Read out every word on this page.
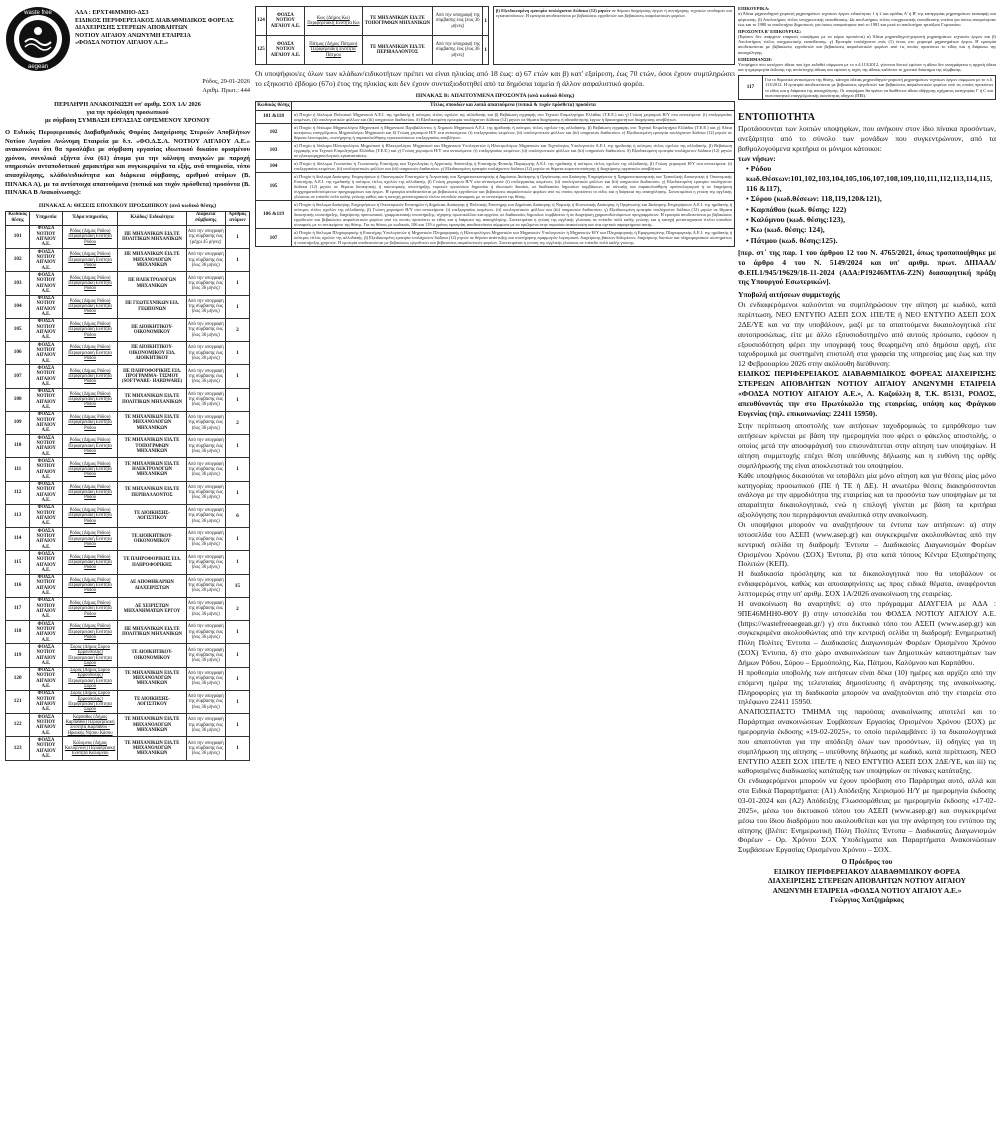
waste free
aegean
ΑΔΑ : ΕΡΧΤ46ΜΜΗΟ-ΔΣ3
ΕΙΔΙΚΟΣ ΠΕΡΙΦΕΡΕΙΑΚΟΣ ΔΙΑΒΑΘΜΙΔΙΚΟΣ ΦΟΡΕΑΣ
ΔΙΑΧΕΙΡΙΣΗΣ ΣΤΕΡΕΩΝ ΑΠΟΒΛΗΤΩΝ
ΝΟΤΙΟΥ ΑΙΓΑΙΟΥ ΑΝΩΝΥΜΗ ΕΤΑΙΡΕΙΑ
«ΦΟΔΣΑ ΝΟΤΙΟΥ ΑΙΓΑΙΟΥ Α.Ε.»
Ρόδος, 29-01-2026
Αριθμ. Πρωτ.: 444
ΠΕΡΙΛΗΨΗ ΑΝΑΚΟΙΝΩΣΗ υπ' αριθμ. ΣΟΧ 1Α/ 2026
για την πρόσληψη προσωπικού
με σύμβαση ΣΥΜΒΑΣΗ ΕΡΓΑΣΙΑΣ ΟΡΙΣΜΕΝΟΥ ΧΡΟΝΟΥ
Ο Ειδικός Περιφερειακός Διαβαθμιδικός Φορέας Διαχείρισης Στερεών Αποβλήτων Νοτίου Αιγαίου Ανώνυμη Εταιρεία με δ.τ. «ΦΟ.Δ.Σ.Α. ΝΟΤΙΟΥ ΑΙΓΑΙΟΥ Α.Ε.» ανακοινώνει ότι θα προσλάβει με σύμβαση εργασίας ιδιωτικού δικαίου ορισμένου χρόνου, συνολικά εξήντα ένα (61) άτομα για την κάλυψη αναγκών με παροχή υπηρεσιών ανταποδοτικού χαρακτήρα και συγκεκριμένα τα εξής, ανά υπηρεσία, τόπο απασχόλησης, κλάδο/ειδικότητα και διάρκεια σύμβασης, αριθμού ατόμων (Β. ΠΙΝΑΚΑ Α), με τα αντίστοιχα απαιτούμενα (τυπικά και τυχόν πρόσθετα) προσόντα (Β. ΠΙΝΑΚΑ Β Ανακοίνωσης):
ΠΙΝΑΚΑΣ Α: ΘΕΣΕΙΣ ΕΠΟΧΙΚΟΥ ΠΡΟΣΩΠΙΚΟΥ (ανά κωδικό θέσης)
Κωδικός θέσης	Υπηρεσία	Έδρα υπηρεσίας	Κλάδος/ Ειδικότητα	Διάρκεια σύμβασης	Αριθμός ατόμων
101	ΦΟΔΣΑ ΝΟΤΙΟΥ ΑΙΓΑΙΟΥ Α.Ε.	Ρόδος (Δήμος Ρόδου) Περιφερειακή Ενότητα Ρόδου	ΠΕ ΜΗΧΑΝΙΚΩΝ ΕΙΔ.ΤΕ ΠΟΛΙΤΙΚΩΝ ΜΗΧΑΝΙΚΩΝ	Από την υπογραφή της σύμβασης έως (μέχρι 45 μήνες)	1
102	ΦΟΔΣΑ ΝΟΤΙΟΥ ΑΙΓΑΙΟΥ Α.Ε.	Ρόδος (Δήμος Ρόδου) Περιφερειακή Ενότητα Ρόδου	ΠΕ ΜΗΧΑΝΙΚΩΝ ΕΙΔ.ΤΕ ΜΗΧΑΝΟΛΟΓΩΝ ΜΗΧΑΝΙΚΩΝ	Από την υπογραφή της σύμβασης έως (έως 36 μήνες)	1
103	ΦΟΔΣΑ ΝΟΤΙΟΥ ΑΙΓΑΙΟΥ Α.Ε.	Ρόδος (Δήμος Ρόδου) Περιφερειακή Ενότητα Ρόδου	ΠΕ ΗΛΕΚΤΡΟΛΟΓΩΝ ΜΗΧΑΝΙΚΩΝ	Από την υπογραφή της σύμβασης έως (έως 36 μήνες)	1
104	ΦΟΔΣΑ ΝΟΤΙΟΥ ΑΙΓΑΙΟΥ Α.Ε.	Ρόδος (Δήμος Ρόδου) Περιφερειακή Ενότητα Ρόδου	ΠΕ ΓΕΩΤΕΧΝΙΚΩΝ ΕΙΔ. ΓΕΩΠΟΝΩΝ	Από την υπογραφή της σύμβασης έως (έως 36 μήνες)	1
105	ΦΟΔΣΑ ΝΟΤΙΟΥ ΑΙΓΑΙΟΥ Α.Ε.	Ρόδος (Δήμος Ρόδου) Περιφερειακή Ενότητα Ρόδου	ΠΕ ΔΙΟΙΚΗΤΙΚΟΥ- ΟΙΚΟΝΟΜΙΚΟΥ	Από την υπογραφή της σύμβασης έως (έως 36 μήνες)	2
106	ΦΟΔΣΑ ΝΟΤΙΟΥ ΑΙΓΑΙΟΥ Α.Ε.	Ρόδος (Δήμος Ρόδου) Περιφερειακή Ενότητα Ρόδου	ΠΕ ΔΙΟΙΚΗΤΙΚΟΥ- ΟΙΚΟΝΟΜΙΚΟΥ ΕΙΔ. ΔΙΟΙΚΗΤΙΚΟΥ	Από την υπογραφή της σύμβασης έως (έως 36 μήνες)	1
107	ΦΟΔΣΑ ΝΟΤΙΟΥ ΑΙΓΑΙΟΥ Α.Ε.	Ρόδος (Δήμος Ρόδου) Περιφερειακή Ενότητα Ρόδου	ΠΕ ΠΛΗΡΟΦΟΡΙΚΗΣ ΕΙΔ. ΠΡΟΓΡΑΜΜΑ- ΤΙΣΜΟΥ (SOFTWARE- HARDWARE)	Από την υπογραφή της σύμβασης έως (έως 36 μήνες)	1
108	ΦΟΔΣΑ ΝΟΤΙΟΥ ΑΙΓΑΙΟΥ Α.Ε.	Ρόδος (Δήμος Ρόδου) Περιφερειακή Ενότητα Ρόδου	ΤΕ ΜΗΧΑΝΙΚΩΝ ΕΙΔ.ΤΕ ΠΟΛΙΤΙΚΩΝ ΜΗΧΑΝΙΚΩΝ	Από την υπογραφή της σύμβασης έως (έως 36 μήνες)	1
109	ΦΟΔΣΑ ΝΟΤΙΟΥ ΑΙΓΑΙΟΥ Α.Ε.	Ρόδος (Δήμος Ρόδου) Περιφερειακή Ενότητα Ρόδου	ΤΕ ΜΗΧΑΝΙΚΩΝ ΕΙΔ.ΤΕ ΜΗΧΑΝΟΛΟΓΩΝ ΜΗΧΑΝΙΚΩΝ	Από την υπογραφή της σύμβασης έως (έως 36 μήνες)	2
110	ΦΟΔΣΑ ΝΟΤΙΟΥ ΑΙΓΑΙΟΥ Α.Ε.	Ρόδος (Δήμος Ρόδου) Περιφερειακή Ενότητα Ρόδου	ΤΕ ΜΗΧΑΝΙΚΩΝ ΕΙΔ.ΤΕ ΤΟΠΟΓΡΑΦΩΝ ΜΗΧΑΝΙΚΩΝ	Από την υπογραφή της σύμβασης έως (έως 36 μήνες)	1
111	ΦΟΔΣΑ ΝΟΤΙΟΥ ΑΙΓΑΙΟΥ Α.Ε.	Ρόδος (Δήμος Ρόδου) Περιφερειακή Ενότητα Ρόδου	ΤΕ ΜΗΧΑΝΙΚΩΝ ΕΙΔ.ΤΕ ΗΛΕΚΤΡΟΛΟΓΩΝ ΜΗΧΑΝΙΚΩΝ	Από την υπογραφή της σύμβασης έως (έως 36 μήνες)	1
112	ΦΟΔΣΑ ΝΟΤΙΟΥ ΑΙΓΑΙΟΥ Α.Ε.	Ρόδος (Δήμος Ρόδου) Περιφερειακή Ενότητα Ρόδου	ΤΕ ΜΗΧΑΝΙΚΩΝ ΕΙΔ.ΤΕ ΠΕΡΙΒΑΛΛΟΝΤΟΣ	Από την υπογραφή της σύμβασης έως (έως 36 μήνες)	1
113	ΦΟΔΣΑ ΝΟΤΙΟΥ ΑΙΓΑΙΟΥ Α.Ε.	Ρόδος (Δήμος Ρόδου) Περιφερειακή Ενότητα Ρόδου	ΤΕ ΔΙΟΙΚΗΣΗΣ- ΛΟΓΙΣΤΙΚΟΥ	Από την υπογραφή της σύμβασης έως (έως 36 μήνες)	6
114	ΦΟΔΣΑ ΝΟΤΙΟΥ ΑΙΓΑΙΟΥ Α.Ε.	Ρόδος (Δήμος Ρόδου) Περιφερειακή Ενότητα Ρόδου	ΤΕ ΔΙΟΙΚΗΤΙΚΟΥ- ΟΙΚΟΝΟΜΙΚΟΥ	Από την υπογραφή της σύμβασης έως (έως 36 μήνες)	1
115	ΦΟΔΣΑ ΝΟΤΙΟΥ ΑΙΓΑΙΟΥ Α.Ε.	Ρόδος (Δήμος Ρόδου) Περιφερειακή Ενότητα Ρόδου	ΤΕ ΠΛΗΡΟΦΟΡΙΚΗΣ ΕΙΔ. ΠΛΗΡΟΦΟΡΙΚΗΣ	Από την υπογραφή της σύμβασης έως (έως 36 μήνες)	1
116	ΦΟΔΣΑ ΝΟΤΙΟΥ ΑΙΓΑΙΟΥ Α.Ε.	Ρόδος (Δήμος Ρόδου) Περιφερειακή Ενότητα Ρόδου	ΔΕ ΑΠΟΘΗΚΑΡΙΩΝ ΔΙΑΧΕΙΡΙΣΤΩΝ	Από την υπογραφή της σύμβασης έως (έως 36 μήνες)	15
117	ΦΟΔΣΑ ΝΟΤΙΟΥ ΑΙΓΑΙΟΥ Α.Ε.	Ρόδος (Δήμος Ρόδου) Περιφερειακή Ενότητα Ρόδου	ΔΕ ΧΕΙΡΙΣΤΩΝ ΜΗΧΑΝΗΜΑΤΩΝ ΕΡΓΟΥ	Από την υπογραφή της σύμβασης έως (έως 36 μήνες)	2
118	ΦΟΔΣΑ ΝΟΤΙΟΥ ΑΙΓΑΙΟΥ Α.Ε.	Ρόδος (Δήμος Ρόδου) Περιφερειακή Ενότητα Ρόδου	ΠΕ ΜΗΧΑΝΙΚΩΝ ΕΙΔ.ΤΕ ΠΟΛΙΤΙΚΩΝ ΜΗΧΑΝΙΚΩΝ	Από την υπογραφή της σύμβασης έως (έως 36 μήνες)	1
119	ΦΟΔΣΑ ΝΟΤΙΟΥ ΑΙΓΑΙΟΥ Α.Ε.	Σύρος (Δήμος Σύρου Ερμούπολης) Περιφερειακή Ενότητα Σύρου	ΤΕ ΔΙΟΙΚΗΤΙΚΟΥ- ΟΙΚΟΝΟΜΙΚΟΥ	Από την υπογραφή της σύμβασης έως (έως 36 μήνες)	1
120	ΦΟΔΣΑ ΝΟΤΙΟΥ ΑΙΓΑΙΟΥ Α.Ε.	Σύρος (Δήμος Σύρου Ερμούπολης) Περιφερειακή Ενότητα Σύρου	ΤΕ ΜΗΧΑΝΙΚΩΝ ΕΙΔ.ΤΕ ΜΗΧΑΝΟΛΟΓΩΝ ΜΗΧΑΝΙΚΩΝ	Από την υπογραφή της σύμβασης έως (έως 36 μήνες)	1
121	ΦΟΔΣΑ ΝΟΤΙΟΥ ΑΙΓΑΙΟΥ Α.Ε.	Σύρος (Δήμος Σύρου Ερμούπολης) Περιφερειακή Ενότητα Σύρου	ΤΕ ΔΙΟΙΚΗΣΗΣ- ΛΟΓΙΣΤΙΚΟΥ	Από την υπογραφή της σύμβασης έως (έως 36 μήνες)	1
122	ΦΟΔΣΑ ΝΟΤΙΟΥ ΑΙΓΑΙΟΥ Α.Ε.	Κάρπαθος (Δήμος Καρπάθου) Περιφερειακή Ενότητα Καρπάθου - Ηρωικής Νήσου Κάσου	ΤΕ ΜΗΧΑΝΙΚΩΝ ΕΙΔ.ΤΕ ΜΗΧΑΝΟΛΟΓΩΝ ΜΗΧΑΝΙΚΩΝ	Από την υπογραφή της σύμβασης έως (έως 36 μήνες)	1
123	ΦΟΔΣΑ ΝΟΤΙΟΥ ΑΙΓΑΙΟΥ Α.Ε.	Κάλυμνος (Δήμος Καλυμνίων) Περιφερειακή Ενότητα Καλύμνου	ΤΕ ΜΗΧΑΝΙΚΩΝ ΕΙΔ.ΤΕ ΜΗΧΑΝΟΛΟΓΩΝ ΜΗΧΑΝΙΚΩΝ	Από την υπογραφή της σύμβασης έως (έως 36 μήνες)	1
124	ΦΟΔΣΑ ΝΟΤΙΟΥ ΑΙΓΑΙΟΥ Α.Ε.	Κως (Δήμος Κω) Περιφερειακή Ενότητα Κω	ΤΕ ΜΗΧΑΝΙΚΩΝ ΕΙΔ.ΤΕ ΤΟΠΟΓΡΑΦΩΝ ΜΗΧΑΝΙΚΩΝ	Από την υπογραφή της σύμβασης έως (έως 36 μήνες)	1
125	ΦΟΔΣΑ ΝΟΤΙΟΥ ΑΙΓΑΙΟΥ Α.Ε.	Πάτμος (Δήμος Πάτμου) Περιφερειακή Ενότητα Πάτμου	ΤΕ ΜΗΧΑΝΙΚΩΝ ΕΙΔ.ΤΕ ΠΕΡΙΒΑΛΛΟΝΤΟΣ	Από την υπογραφή της σύμβασης έως (έως 36 μήνες)	1
β) Εξειδικευμένη εμπειρία τουλάχιστον δώδεκα (12) μηνών σε θέματα διαχείρισης έργων ή συντήρησης τεχνικών υποδομών και εγκαταστάσεων. Η εμπειρία αποδεικνύεται με βεβαιώσεις εργοδοτών και βεβαιώσεις ασφαλιστικών φορέων.

Οι υποψήφιοι/ες όλων των κλάδων/ειδικοτήτων πρέπει να είναι ηλικίας από 18 έως: α) 67 ετών και β) κατ' εξαίρεση, έως 70 ετών, όσοι έχουν συμπληρώσει το εξηκοστό έβδομο (67ο) έτος της ηλικίας και δεν έχουν συνταξιοδοτηθεί από τα δημόσια ταμεία ή άλλον ασφαλιστικό φορέα.

ΠΙΝΑΚΑΣ Β: ΑΠΑΙΤΟΥΜΕΝΑ ΠΡΟΣΟΝΤΑ (ανά κωδικό θέσης)
Κωδικός θέσης	Τίτλος σπουδών και λοιπά απαιτούμενα (τυπικά & τυχόν πρόσθετα) προσόντα
101 &118	α) Πτυχίο ή δίπλωμα Πολιτικού Μηχανικού Α.Ε.Ι. της ημεδαπής ή ισότιμος τίτλος σχολών της αλλοδαπής και β) Βεβαίωση εγγραφής στο Τεχνικό Επιμελητήριο Ελλάδας (Τ.Ε.Ε.) και γ) Γνώση χειρισμού Η/Υ στα αντικείμενα: (i) επεξεργασίας κειμένων, (ii) υπολογιστικών φύλλων και (iii) υπηρεσιών διαδικτύου. δ) Εξειδικευμένη εμπειρία τουλάχιστον δώδεκα (12) μηνών σε θέματα διαχείρισης ή αδειοδότησης έργων ή δραστηριοτήτων διαχείρισης αποβλήτων.
102	α) Πτυχίο ή δίπλωμα Μηχανολόγου Μηχανικού ή Μηχανικού Περιβάλλοντος ή Χημικού Μηχανικού Α.Ε.Ι. της ημεδαπής ή ισότιμος τίτλος σχολών της αλλοδαπής. β) Βεβαίωση εγγραφής στο Τεχνικό Επιμελητήριο Ελλάδας (Τ.Ε.Ε.) και γ) Άδεια ασκήσεως επαγγέλματος Μηχανολόγου Μηχανικού και δ) Γνώση χειρισμού Η/Υ στα αντικείμενα: (i) επεξεργασίας κειμένων, (ii) υπολογιστικών φύλλων και (iii) υπηρεσιών διαδικτύου. ε) Εξειδικευμένη εμπειρία τουλάχιστον δώδεκα (12) μηνών σε θέματα λειτουργίας, συντήρησης ή παρακολούθησης εγκαταστάσεων επεξεργασίας αποβλήτων.
103	α) Πτυχίο ή δίπλωμα Ηλεκτρολόγου Μηχανικού ή Ηλεκτρολόγου Μηχανικού και Μηχανικού Υπολογιστών ή Ηλεκτρολόγων Μηχανικών και Τεχνολογίας Υπολογιστών Α.Ε.Ι. της ημεδαπής ή ισότιμος τίτλος σχολών της αλλοδαπής. β) Βεβαίωση εγγραφής στο Τεχνικό Επιμελητήριο Ελλάδας (Τ.Ε.Ε.) και γ) Γνώση χειρισμού Η/Υ στα αντικείμενα: (i) επεξεργασίας κειμένων, (ii) υπολογιστικών φύλλων και (iii) υπηρεσιών διαδικτύου. δ) Εξειδικευμένη εμπειρία τουλάχιστον δώδεκα (12) μηνών σε ηλεκτρομηχανολογικές εγκαταστάσεις.
104	α) Πτυχίο ή δίπλωμα Γεωπονίας ή Γεωπονικής Επιστήμης και Τεχνολογίας ή Αγροτικής Ανάπτυξης ή Επιστήμης Φυτικής Παραγωγής Α.Ε.Ι. της ημεδαπής ή ισότιμος τίτλος σχολών της αλλοδαπής. β) Γνώση χειρισμού Η/Υ στα αντικείμενα: (i) επεξεργασίας κειμένων, (ii) υπολογιστικών φύλλων και (iii) υπηρεσιών διαδικτύου. γ) Εξειδικευμένη εμπειρία τουλάχιστον δώδεκα (12) μηνών σε θέματα κομποστοποίησης ή διαχείρισης οργανικών αποβλήτων.
105	α) Πτυχίο ή δίπλωμα Διοίκησης Επιχειρήσεων ή Οικονομικών Επιστημών ή Λογιστικής και Χρηματοοικονομικής ή Δημόσιας Διοίκησης ή Οργάνωσης και Διοίκησης Επιχειρήσεων ή Χρηματοοικονομικής και Τραπεζικής Διοικητικής ή Οικονομικής Επιστήμης Α.Ε.Ι. της ημεδαπής ή ισότιμος τίτλος σχολών της αλλοδαπής. β) Γνώση χειρισμού Η/Υ στα αντικείμενα: (i) επεξεργασίας κειμένων, (ii) υπολογιστικών φύλλων και (iii) υπηρεσιών διαδικτύου. γ) Εξειδικευμένη εμπειρία τουλάχιστον δώδεκα (12) μηνών σε θέματα διοικητικής ή οικονομικής υποστήριξης νομικών προσώπων δημοσίου ή ιδιωτικού δικαίου, σε διαδικασίες δημοσίων συμβάσεων, σε σύνταξη και παρακολούθηση προϋπολογισμού ή σε διαχείριση συγχρηματοδοτούμενων προγραμμάτων και έργων. Η εμπειρία αποδεικνύεται με βεβαιώσεις εργοδοτών και βεβαιώσεις ασφαλιστικών φορέων από τις οποίες προκύπτει το είδος και η διάρκεια της απασχόλησης. Συνεκτιμάται η γνώση της αγγλικής γλώσσας σε επίπεδο πολύ καλής γνώσης καθώς και η κατοχή μεταπτυχιακού τίτλου σπουδών συναφούς με το αντικείμενο της θέσης.
106 &119	α) Πτυχίο ή δίπλωμα Διοίκησης Επιχειρήσεων ή Οικονομικών Επιστημών ή Δημόσιας Διοίκησης ή Πολιτικής Επιστήμης και Δημόσιας Διοίκησης ή Νομικής ή Κοινωνικής Διοίκησης ή Οργάνωσης και Διοίκησης Επιχειρήσεων Α.Ε.Ι. της ημεδαπής ή ισότιμος τίτλος σχολών της αλλοδαπής. β) Γνώση χειρισμού Η/Υ στα αντικείμενα: (i) επεξεργασίας κειμένων, (ii) υπολογιστικών φύλλων και (iii) υπηρεσιών διαδικτύου. γ) Εξειδικευμένη εμπειρία τουλάχιστον δώδεκα (12) μηνών σε θέματα διοικητικής υποστήριξης, διαχείρισης προσωπικού, γραμματειακής υποστήριξης, τήρησης πρωτοκόλλου και αρχείου, σε διαδικασίες δημοσίων συμβάσεων ή σε διαχείριση χρηματοδοτούμενων προγραμμάτων. Η εμπειρία αποδεικνύεται με βεβαιώσεις εργοδοτών και βεβαιώσεις ασφαλιστικών φορέων από τις οποίες προκύπτει το είδος και η διάρκεια της απασχόλησης. Συνεκτιμάται η γνώση της αγγλικής γλώσσας σε επίπεδο πολύ καλής γνώσης και η κατοχή μεταπτυχιακού τίτλου σπουδών συναφούς με το αντικείμενο της θέσης. Για τις θέσεις με κωδικούς 106 και 119 ο χρόνος εμπειρίας αποδεικνύεται σύμφωνα με τα οριζόμενα στην παρούσα ανακοίνωση και στα σχετικά παραρτήματα αυτής.
107	α) Πτυχίο ή δίπλωμα Πληροφορικής ή Επιστήμης Υπολογιστών ή Μηχανικών Πληροφορικής ή Ηλεκτρολόγων Μηχανικών και Μηχανικών Υπολογιστών ή Μηχανικών Η/Υ και Πληροφορικής ή Εφαρμοσμένης Πληροφορικής Α.Ε.Ι. της ημεδαπής ή ισότιμος τίτλος σχολών της αλλοδαπής. β) Εξειδικευμένη εμπειρία τουλάχιστον δώδεκα (12) μηνών σε θέματα ανάπτυξης και συντήρησης εφαρμογών λογισμικού, διαχείρισης βάσεων δεδομένων, διαχείρισης δικτύων και πληροφοριακών συστημάτων ή υποστήριξης χρηστών. Η εμπειρία αποδεικνύεται με βεβαιώσεις εργοδοτών και βεβαιώσεις ασφαλιστικών φορέων. Συνεκτιμάται η γνώση της αγγλικής γλώσσας σε επίπεδο πολύ καλής γνώσης.
ΕΠΙΚΟΥΡΙΚΑ:
α) Άδεια μηχανοδηγού-χειριστή μηχανημάτων τεχνικών έργων ειδικότητας 1 ή 2 και ομάδας Α' ή Β' της κατηγορίας μηχανημάτων εκσκαφής και φόρτωσης. β) Απολυτήριος τίτλος υποχρεωτικής εκπαίδευσης. Ως απολυτήριος τίτλος υποχρεωτικής εκπαίδευσης νοείται για όσους αποφοίτησαν έως και το 1980 το απολυτήριο Δημοτικού, για όσους αποφοίτησαν από το 1981 και μετά το απολυτήριο τριτάξιου Γυμνασίου.
ΠΡΟΣΟΝΤΑ Β' ΕΠΙΚΟΥΡΙΑΣ:
(Εφόσον δεν υπάρχουν επαρκείς υποψήφιοι με τα κύρια προσόντα) α) Άδεια μηχανοδηγού-χειριστή μηχανημάτων τεχνικών έργων και β) Απολυτήριος τίτλος υποχρεωτικής εκπαίδευσης. γ) Εμπειρία τουλάχιστον ενός (1) έτους στο χειρισμό μηχανημάτων έργου. Η εμπειρία αποδεικνύεται με βεβαιώσεις εργοδοτών και βεβαιώσεις ασφαλιστικών φορέων από τις οποίες προκύπτει το είδος και η διάρκεια της απασχόλησης.
ΕΠΙΣΗΜΑΝΣΗ:
Υποψήφιοι που κατέχουν άδεια που έχει εκδοθεί σύμφωνα με το π.δ.113/2012, γίνονται δεκτοί εφόσον η άδεια δεν αναγράφεται η αρχική άδεια και η ημερομηνία έκδοσης της αντίστοιχης άδειας και εφόσον η ισχύς της άδειας καλύπτει το χρονικό διάστημα της σύμβασης.
117
Για το θεματικό αντικείμενο της θέσης, κάτοχοι άδειας μηχανοδηγού-χειριστή μηχανημάτων τεχνικών έργων σύμφωνα με το π.δ. 113/2012. Η εμπειρία αποδεικνύεται με βεβαιώσεις εργοδοτών και βεβαιώσεις ασφαλιστικών φορέων από τις οποίες προκύπτει το είδος και η διάρκεια της απασχόλησης. Οι υποψήφιοι θα πρέπει να διαθέτουν άδεια οδήγησης οχήματος κατηγορίας Γ ή C και πιστοποιητικό επαγγελματικής ικανότητας οδηγού (ΠΕΙ).
ΕΝΤΟΠΙΟΤΗΤΑ
Προτάσσονται των λοιπών υποψηφίων, που ανήκουν στον ίδιο πίνακα προσόντων, ανεξάρτητα από το σύνολο των μονάδων που συγκεντρώνουν, από τα βαθμολογούμενα κριτήρια οι μόνιμοι κάτοικοι:
των νήσων:
• Ρόδου
κωδ.Θέσεων:101,102,103,104,105,106,107,108,109,110,111,112,113,114,115, 116 &117),
• Σύρου (κωδ.θέσεων: 118,119,120&121),
• Καρπάθου (κωδ. θέσης: 122)
• Καλύμνου (κωδ. θέσης:123),
• Κω (κωδ. θέσης: 124),
• Πάτμου (κωδ. θέσης:125).
[περ. στ΄ της παρ. 1 του άρθρου 12 του Ν. 4765/2021, όπως τροποποιήθηκε με το άρθρο 4 του Ν. 5149/2024 και υπ' αριθμ. πρωτ. ΔΙΠΑΑΔ/Φ.ΕΠ.1/945/19629/18-11-2024 (ΑΔΑ:Ρ19246ΜΤΛ6-Ζ2Ν) διασαφητική πράξη της Υπουργού Εσωτερικών].
Υποβολή αιτήσεων συμμετοχής
Οι ενδιαφερόμενοι καλούνται να συμπληρώσουν την αίτηση με κωδικό, κατά περίπτωση, ΝΕΟ ΕΝΤΥΠΟ ΑΣΕΠ ΣΟΧ 1ΠΕ/ΤΕ ή ΝΕΟ ΕΝΤΥΠΟ ΑΣΕΠ ΣΟΧ 2ΔΕ/ΥΕ και να την υποβάλουν, μαζί με τα απαιτούμενα δικαιολογητικά είτε αυτοπροσώπως, είτε με άλλο εξουσιοδοτημένο από αυτούς πρόσωπο, εφόσον η εξουσιοδότηση φέρει την υπογραφή τους θεωρημένη από δημόσια αρχή, είτε ταχυδρομικά με συστημένη επιστολή στα γραφεία της υπηρεσίας μας έως και την 12 Φεβρουαρίου 2026 στην ακόλουθη διεύθυνση:
ΕΙΔΙΚΟΣ ΠΕΡΙΦΕΡΕΙΑΚΟΣ ΔΙΑΒΑΘΜΙΔΙΚΟΣ ΦΟΡΕΑΣ ΔΙΑΧΕΙΡΙΣΗΣ ΣΤΕΡΕΩΝ ΑΠΟΒΛΗΤΩΝ ΝΟΤΙΟΥ ΑΙΓΑΙΟΥ ΑΝΩΝΥΜΗ ΕΤΑΙΡΕΙΑ «ΦΟΔΣΑ ΝΟΤΙΟΥ ΑΙΓΑΙΟΥ Α.Ε.», Λ. Καζούλλη 8, Τ.Κ. 85131, ΡΟΔΟΣ, απευθύνοντάς την στο Πρωτόκολλο της εταιρείας, υπόψη κας Φράγκου Ευγενίας (τηλ. επικοινωνίας: 22411 15950).
Στην περίπτωση αποστολής των αιτήσεων ταχυδρομικώς το εμπρόθεσμο των αιτήσεων κρίνεται με βάση την ημερομηνία που φέρει ο φάκελος αποστολής, ο οποίος μετά την αποσφράγισή του επισυνάπτεται στην αίτηση των υποψηφίων. Η αίτηση συμμετοχής επέχει θέση υπεύθυνης δήλωσης και η ευθύνη της ορθής συμπλήρωσής της είναι αποκλειστικά του υποψηφίου.
Κάθε υποψήφιος δικαιούται να υποβάλει μία μόνο αίτηση και για θέσεις μίας μόνο κατηγορίας προσωπικού (ΠΕ ή ΤΕ ή ΔΕ). Η ανωτέρω θέσεις διακηρύσσονται ανάλογα με την αρμοδιότητα της εταιρείας και τα προσόντα των υποψηφίων με τα απαραίτητα δικαιολογητικά, ενώ η επιλογή γίνεται με βάση τα κριτήρια αξιολόγησης που περιγράφονται αναλυτικά στην ανακοίνωση.
Οι υποψήφιοι μπορούν να αναζητήσουν τα έντυπα των αιτήσεων: α) στην ιστοσελίδα του ΑΣΕΠ (www.asep.gr) και συγκεκριμένα ακολουθώντας από την κεντρική σελίδα τη διαδρομή: Έντυπα – Διαδικασίες Διαγωνισμών Φορέων Ορισμένου Χρόνου (ΣΟΧ) Έντυπα, β) στα κατά τόπους Κέντρα Εξυπηρέτησης Πολιτών (ΚΕΠ).
Η διαδικασία πρόσληψης και τα δικαιολογητικά που θα υποβάλουν οι ενδιαφερόμενοι, καθώς και αποσαφηνίσεις ως προς ειδικά θέματα, αναφέρονται λεπτομερώς στην υπ' αριθμ. ΣΟΧ 1Α/2026 ανακοίνωση της εταιρείας.
Η ανακοίνωση θα αναρτηθεί: α) στο πρόγραμμα ΔΙΑΥΓΕΙΑ με ΑΔΑ : 9ΠΕ46ΜΗΗ0-Θ0Υ β) στην ιστοσελίδα του ΦΟΔΣΑ ΝΟΤΙΟΥ ΑΙΓΑΙΟΥ Α.Ε. (https://wastefreeaegean.gr/) γ) στο δικτυακό τόπο του ΑΣΕΠ (www.asep.gr) και συγκεκριμένα ακολουθώντας από την κεντρική σελίδα τη διαδρομή: Ενημερωτική Πύλη Πολίτες Έντυπα – Διαδικασίες Διαγωνισμών Φορέων Ορισμένου Χρόνου (ΣΟΧ) Έντυπα, δ) στο χώρο ανακοινώσεων των Δημοτικών καταστημάτων των Δήμων Ρόδου, Σύρου – Ερμούπολης, Κω, Πάτμου, Καλύμνου και Καρπάθου.
Η προθεσμία υποβολής των αιτήσεων είναι δέκα (10) ημέρες και αρχίζει από την επόμενη ημέρα της τελευταίας δημοσίευσης ή ανάρτησης της ανακοίνωσης. Πληροφορίες για τη διαδικασία μπορούν να αναζητούνται από την εταιρεία στο τηλέφωνο 22411 15950.
ΑΝΑΠΟΣΠΑΣΤΟ ΤΜΗΜΑ της παρούσας ανακοίνωσης αποτελεί και το Παράρτημα ανακοινώσεων Συμβάσεων Εργασίας Ορισμένου Χρόνου (ΣΟΧ) με ημερομηνία έκδοσης «19-02-2025», το οποίο περιλαμβάνει: i) τα δικαιολογητικά που απαιτούνται για την απόδειξη όλων των προσόντων, ii) οδηγίες για τη συμπλήρωση της αίτησης – υπεύθυνης δήλωσης με κωδικό, κατά περίπτωση, ΝΕΟ ΕΝΤΥΠΟ ΑΣΕΠ ΣΟΧ 1ΠΕ/ΤΕ ή ΝΕΟ ΕΝΤΥΠΟ ΑΣΕΠ ΣΟΧ 2ΔΕ/ΥΕ, και iii) τις καθορισμένες διαδικασίες κατάταξης των υποψηφίων σε πίνακες κατάταξης.
Οι ενδιαφερόμενοι μπορούν να έχουν πρόσβαση στο Παράρτημα αυτό, αλλά και στα Ειδικά Παραρτήματα: (Α1) Απόδειξης Χειρισμού Η/Υ με ημερομηνία έκδοσης 03-01-2024 και (Α2) Απόδειξης Γλωσσομάθειας με ημερομηνία έκδοσης «17-02-2025», μέσω του δικτυακού τόπου του ΑΣΕΠ (www.asep.gr) και συγκεκριμένα μέσω του ίδιου διαδρόμου που ακολουθείται και για την ανάρτηση του εντύπου της αίτησης (βλέπε: Ενημερωτική Πύλη Πολίτες Έντυπα – Διαδικασίες Διαγωνισμών Φορέων - Ορ. Χρόνου ΣΟΧ Υποδείγματα και Παραρτήματα Ανακοινώσεων Συμβάσεων Εργασίας Ορισμένου Χρόνου – ΣΟΧ.
Ο Πρόεδρος του
ΕΙΔΙΚΟΥ ΠΕΡΙΦΕΡΕΙΑΚΟΥ ΔΙΑΒΑΘΜΙΔΙΚΟΥ ΦΟΡΕΑ
ΔΙΑΧΕΙΡΙΣΗΣ ΣΤΕΡΕΩΝ ΑΠΟΒΛΗΤΩΝ ΝΟΤΙΟΥ ΑΙΓΑΙΟΥ
ΑΝΩΝΥΜΗ ΕΤΑΙΡΕΙΑ «ΦΟΔΣΑ ΝΟΤΙΟΥ ΑΙΓΑΙΟΥ Α.Ε.»
Γεώργιος Χατζημάρκος
